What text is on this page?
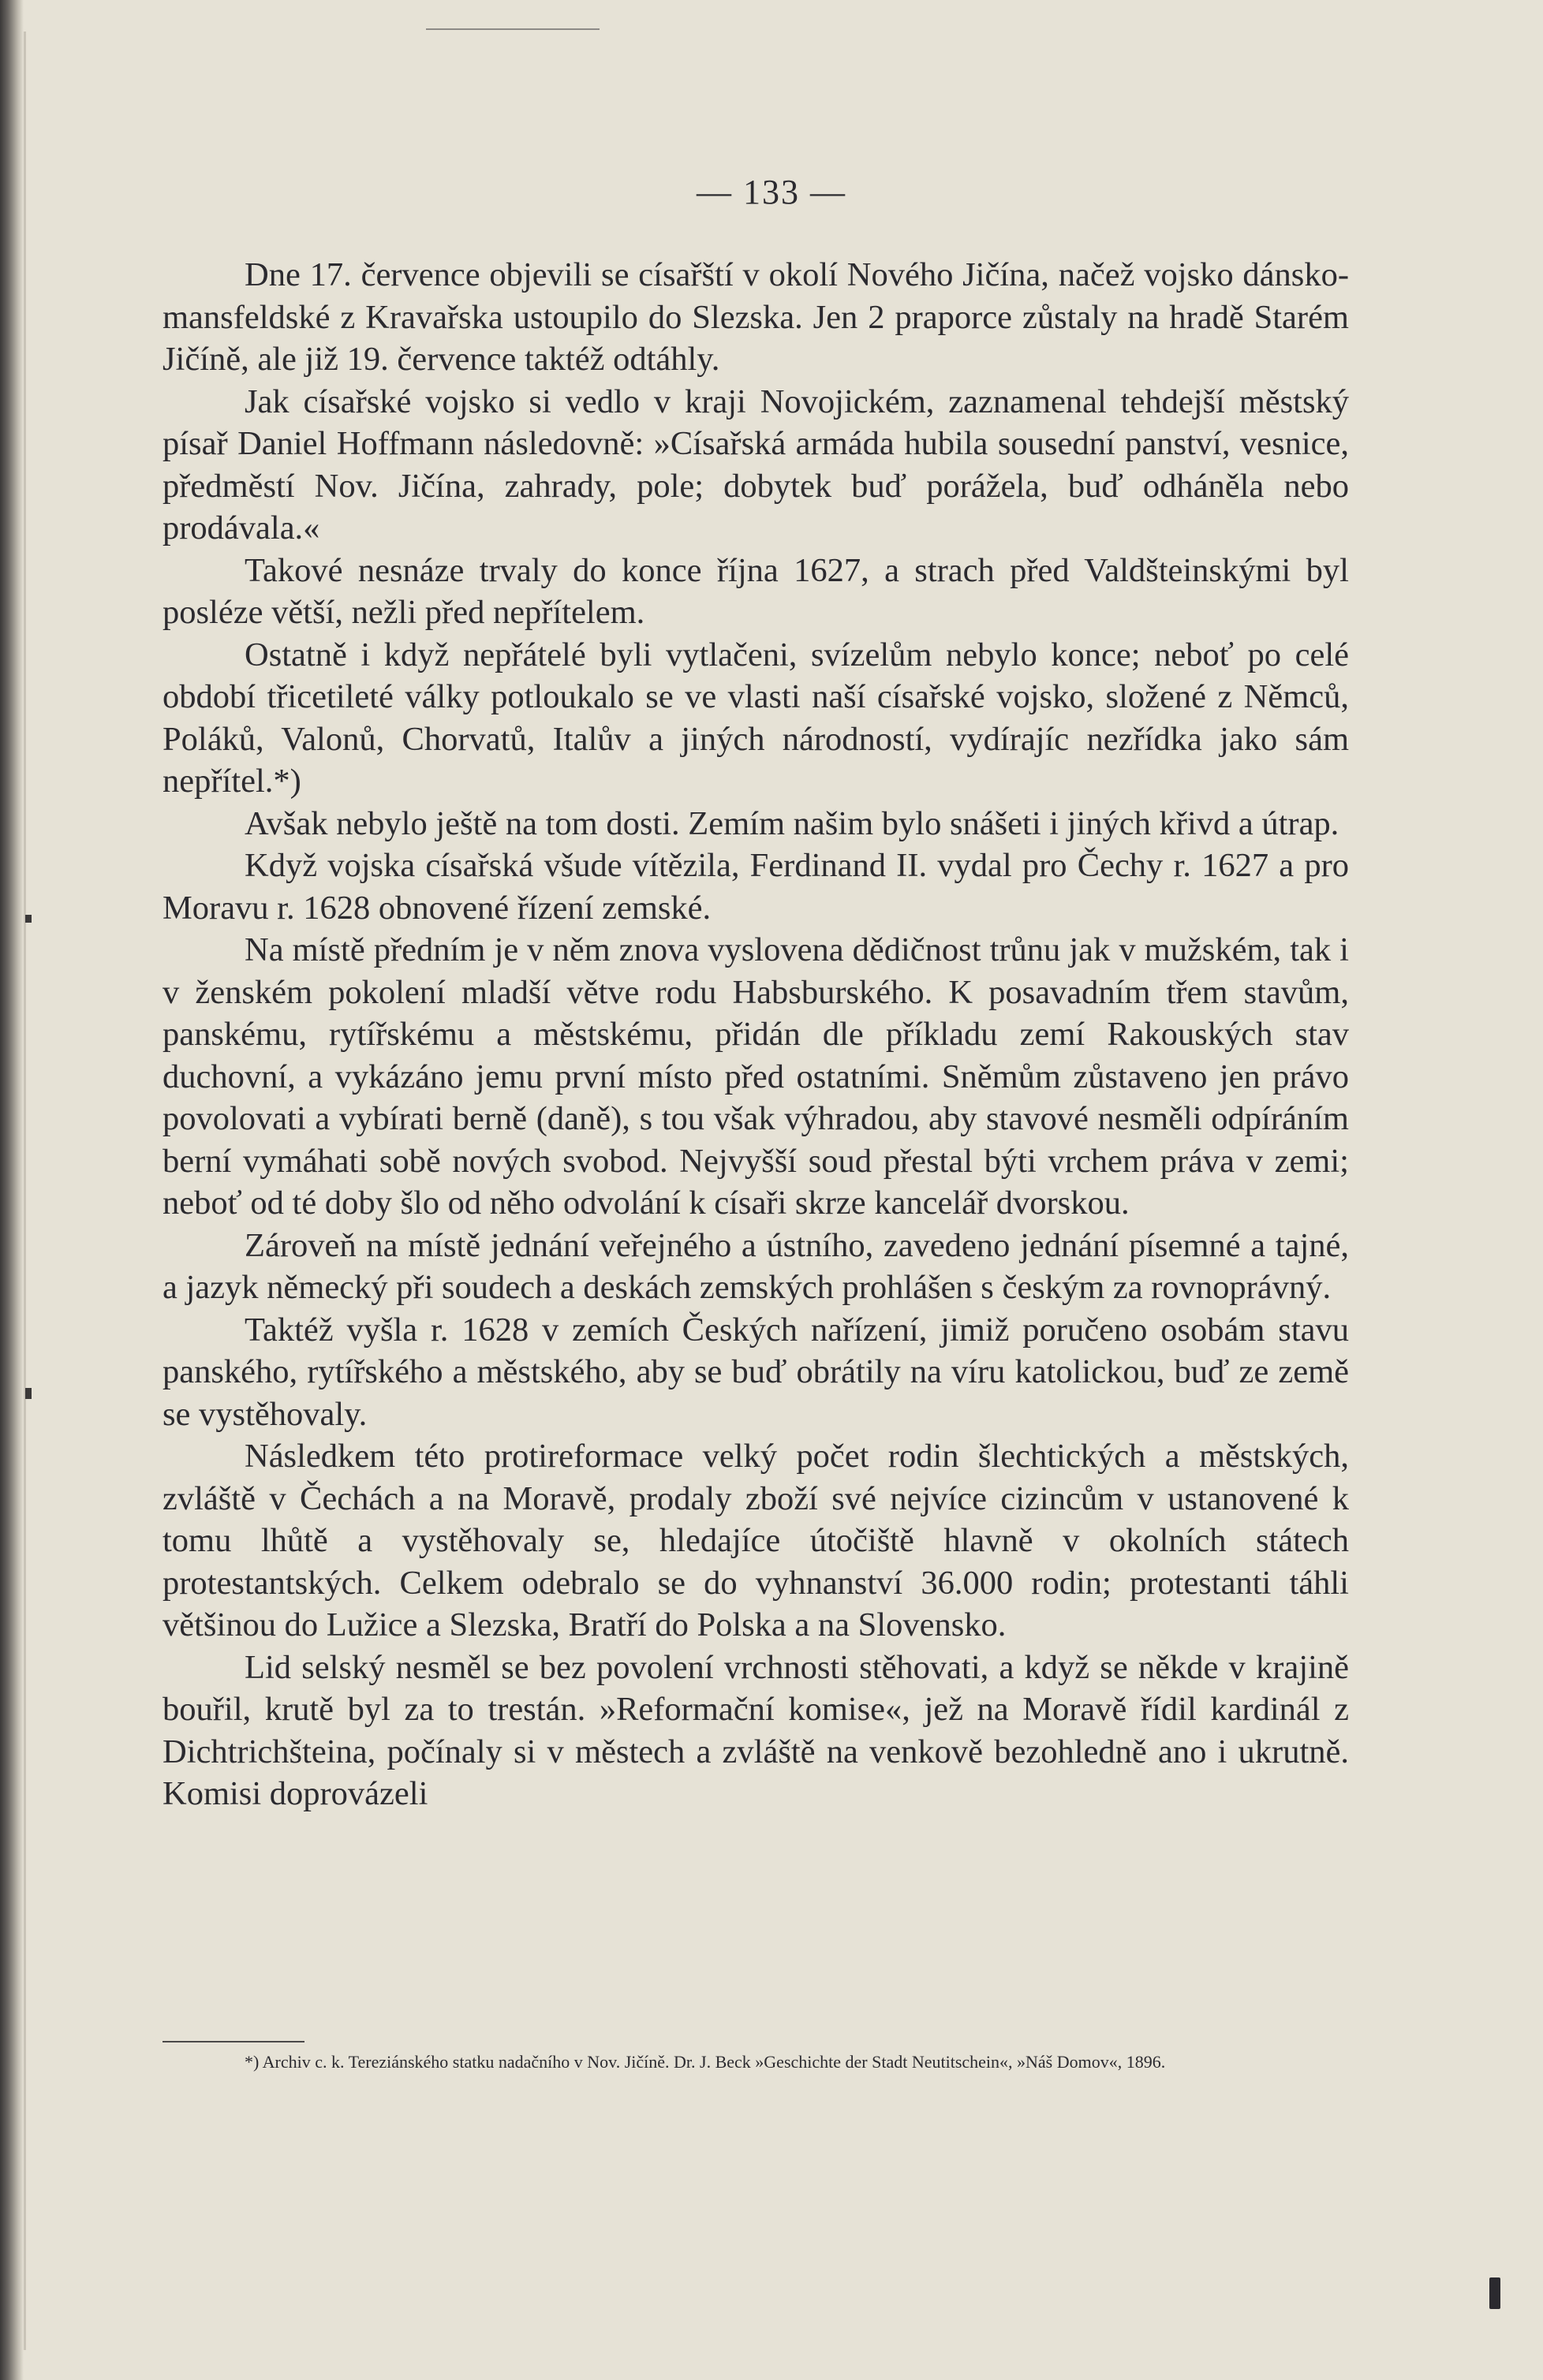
— 133 —

Dne 17. července objevili se císařští v okolí Nového Jičína, načež vojsko dánsko-mansfeldské z Kravařska ustoupilo do Slezska. Jen 2 praporce zůstaly na hradě Starém Jičíně, ale již 19. července taktéž odtáhly.

Jak císařské vojsko si vedlo v kraji Novojickém, zaznamenal tehdejší městský písař Daniel Hoffmann následovně: »Císařská armáda hubila sousední panství, vesnice, předměstí Nov. Jičína, zahrady, pole; dobytek buď porážela, buď odháněla nebo prodávala.«

Takové nesnáze trvaly do konce října 1627, a strach před Valdšteinskými byl posléze větší, nežli před nepřítelem.

Ostatně i když nepřátelé byli vytlačeni, svízelům nebylo konce; neboť po celé období třicetileté války potloukalo se ve vlasti naší císařské vojsko, složené z Němců, Poláků, Valonů, Chorvatů, Italův a jiných národností, vydírajíc nezřídka jako sám nepřítel.*)

Avšak nebylo ještě na tom dosti. Zemím našim bylo snášeti i jiných křivd a útrap.

Když vojska císařská všude vítězila, Ferdinand II. vydal pro Čechy r. 1627 a pro Moravu r. 1628 obnovené řízení zemské.

Na místě předním je v něm znova vyslovena dědičnost trůnu jak v mužském, tak i v ženském pokolení mladší větve rodu Habsburského. K posavadním třem stavům, panskému, rytířskému a městskému, přidán dle příkladu zemí Rakouských stav duchovní, a vykázáno jemu první místo před ostatními. Sněmům zůstaveno jen právo povolovati a vybírati berně (daně), s tou však výhradou, aby stavové nesměli odpíráním berní vymáhati sobě nových svobod. Nejvyšší soud přestal býti vrchem práva v zemi; neboť od té doby šlo od něho odvolání k císaři skrze kancelář dvorskou.

Zároveň na místě jednání veřejného a ústního, zavedeno jednání písemné a tajné, a jazyk německý při soudech a deskách zemských prohlášen s českým za rovnoprávný.

Taktéž vyšla r. 1628 v zemích Českých nařízení, jimiž poručeno osobám stavu panského, rytířského a městského, aby se buď obrátily na víru katolickou, buď ze země se vystěhovaly.

Následkem této protireformace velký počet rodin šlechtických a městských, zvláště v Čechách a na Moravě, prodaly zboží své nejvíce cizincům v ustanovené k tomu lhůtě a vystěhovaly se, hledajíce útočiště hlavně v okolních státech protestantských. Celkem odebralo se do vyhnanství 36.000 rodin; protestanti táhli většinou do Lužice a Slezska, Bratří do Polska a na Slovensko.

Lid selský nesměl se bez povolení vrchnosti stěhovati, a když se někde v krajině bouřil, krutě byl za to trestán. »Reformační komise«, jež na Moravě řídil kardinál z Dichtrichšteina, počínaly si v městech a zvláště na venkově bezohledně ano i ukrutně. Komisi doprovázeli

*) Archiv c. k. Tereziánského statku nadačního v Nov. Jičíně. Dr. J. Beck »Geschichte der Stadt Neutitschein«, »Náš Domov«, 1896.
